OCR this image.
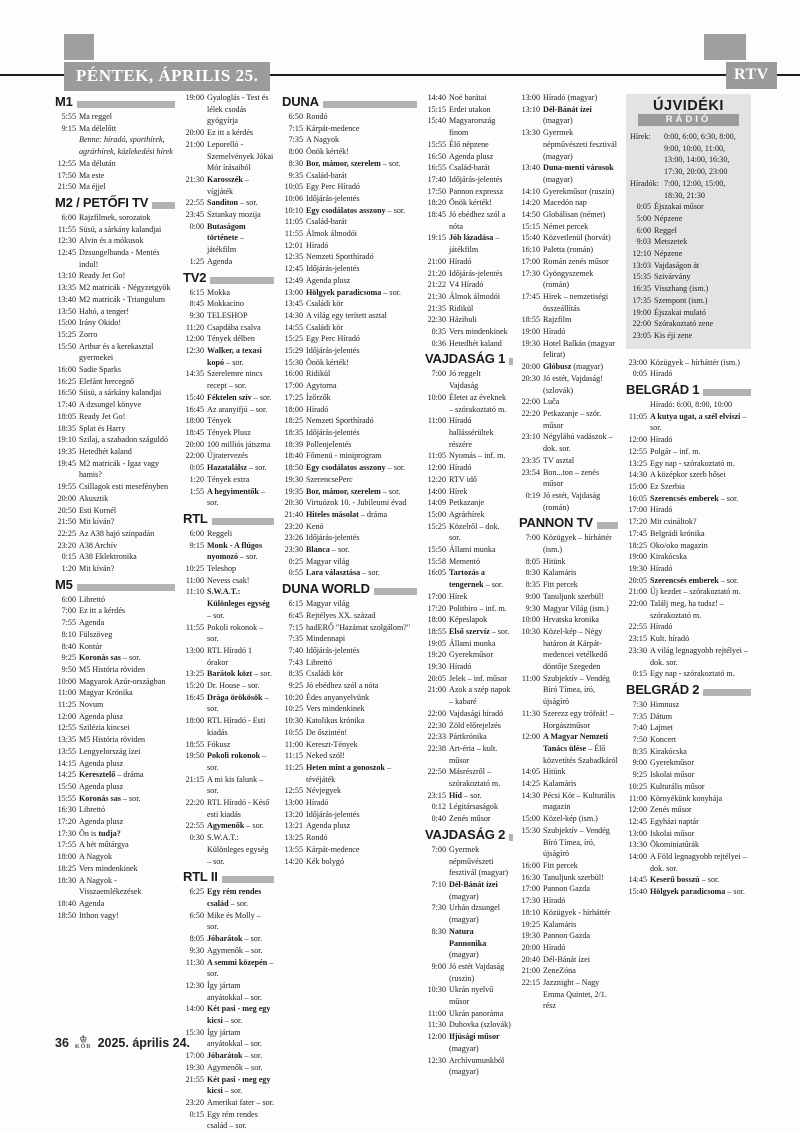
PÉNTEK, ÁPRILIS 25.	RTV
M1
5:55 Ma reggel
9:15 Ma délelőtt
Benne: híradó, sporthírek, agrárhírek, közlekedési hírek
12:55 Ma délután
17:50 Ma este
21:50 Ma éjjel
M2 / PETŐFI TV
6:00 Rajzfilmek, sorozatok
11:55 Süsü, a sárkány kalandjai
12:30 Alvin és a mókusok
12:45 Dzsungelbanda - Mentés indul!
13:10 Ready Jet Go!
13:35 M2 matricák - Négyzetgyök
13:40 M2 matricák - Triangulum
13:50 Hahó, a tenger!
15:00 Irány Okido!
15:25 Zorro
15:50 Arthur és a kerekasztal gyermekei
16:00 Sadie Sparks
16:25 Elefánt hercegnő
16:50 Süsü, a sárkány kalandjai
17:40 A dzsungel könyve
18:05 Ready Jet Go!
18:35 Splat és Harry
19:10 Szilaj, a szabadon száguldó
19:35 Hetedhét kaland
19:45 M2 matricák - Igaz vagy hamis?
19:55 Csillagok esti mesefényben
20:00 Akusztik
20:50 Esti Kornél
21:50 Mit kíván?
22:25 Az A38 hajó színpadán
23:20 A38 Archív
0:15 A38 Eklektronika
1:20 Mit kíván?
M5
6:00 Librettó
7:00 Ez itt a kérdés
7:55 Agenda
8:10 Fülszöveg
8:40 Kontúr
9:25 Koronás sas – sor.
9:50 M5 História röviden
10:00 Magyarok Azúr-országban
11:00 Magyar Krónika
11:25 Novum
12:00 Agenda plusz
12:55 Szilézia kincsei
13:35 M5 História röviden
13:55 Lengyelország ízei
14:15 Agenda plusz
14:25 Keresztelő – dráma
15:50 Agenda plusz
15:55 Koronás sas – sor.
16:30 Librettó
17:20 Agenda plusz
17:30 Ön is tudja?
17:55 A hét műtárgya
18:00 A Nagyok
18:25 Vers mindenkinek
18:30 A Nagyok - Visszaemlékezések
18:40 Agenda
18:50 Itthon vagy!
19:00 Gyaloglás - Test és lélek csodás gyógyírja
20:00 Ez itt a kérdés
21:00 Leporelló - Szemelvények Jókai Mór írásaiból
21:30 Karosszék – vígjáték
22:55 Sanditon – sor.
23:45 Sztankay mozija
0:00 Butaságom története – játékfilm
1:25 Agenda
TV2
6:15 Mokka
8:45 Mokkacino
9:30 TELESHOP
11:20 Csapdába csalva
12:00 Tények délben
12:30 Walker, a texasi kopó – sor.
14:35 Szerelemre nincs recept – sor.
15:40 Féktelen szív – sor.
16:45 Az aranyifjú – sor.
18:00 Tények
18:45 Tények Plusz
20:00 100 milliós játszma
22:00 Újratervezés
0:05 Hazatalálsz – sor.
1:20 Tények extra
1:55 A hegyimentők – sor.
RTL
6:00 Reggeli
9:15 Monk - A flúgos nyomozó – sor.
10:25 Teleshop
11:00 Nevess csak!
11:10 S.W.A.T.: Különleges egység – sor.
11:55 Pokoli rokonok – sor.
13:00 RTL Híradó 1 órakor
13:25 Barátok közt – sor.
15:20 Dr. House – sor.
16:45 Drága örökösök – sor.
18:00 RTL Híradó - Esti kiadás
18:55 Fókusz
19:50 Pokoli rokonok – sor.
21:15 A mi kis falunk – sor.
22:20 RTL Híradó - Késő esti kiadás
22:55 Agymenők – sor.
0:30 S.W.A.T.: Különleges egység – sor.
RTL II
6:25 Egy rém rendes család – sor.
6:50 Mike és Molly – sor.
8:05 Jóbarátok – sor.
9:30 Agymenők – sor.
11:30 A semmi közepén – sor.
12:30 Így jártam anyátokkal – sor.
14:00 Két pasi - meg egy kicsi – sor.
15:30 Így jártam anyátokkal – sor.
17:00 Jóbarátok – sor.
19:30 Agymenők – sor.
21:55 Két pasi - meg egy kicsi – sor.
23:20 Amerikai fater – sor.
0:15 Egy rém rendes család – sor.
DUNA
6:50 Rondó
7:15 Kárpát-medence
7:35 A Nagyok
8:00 Önök kérték!
8:30 Bor, mámor, szerelem – sor.
9:35 Család-barát
10:05 Egy Perc Híradó
10:06 Időjárás-jelentés
10:10 Egy csodálatos asszony – sor.
11:05 Család-barát
11:55 Álmok álmodói
12:01 Híradó
12:35 Nemzeti Sporthíradó
12:45 Időjárás-jelentés
12:49 Agenda plusz
13:00 Hölgyek paradicsoma – sor.
13:45 Családi kör
14:30 A világ egy terített asztal
14:55 Családi kör
15:25 Egy Perc Híradó
15:29 Időjárás-jelentés
15:30 Önök kérték!
16:00 Ridikül
17:00 Agytorna
17:25 Ízőrzők
18:00 Híradó
18:25 Nemzeti Sporthíradó
18:35 Időjárás-jelentés
18:39 Pollenjelentés
18:40 Főmenü - miniprogram
18:50 Egy csodálatos asszony – sor.
19:30 SzerencsePerc
19:35 Bor, mámor, szerelem – sor.
20:30 Virtuózok 10. - Jubileumi évad
21:40 Hiteles másolat – dráma
23:20 Kenó
23:26 Időjárás-jelentés
23:30 Blanca – sor.
0:25 Magyar világ
0:55 Lara választása – sor.
DUNA WORLD
6:15 Magyar világ
6:45 Rejtélyes XX. század
7:15 hadERŐ "Hazámat szolgálom?"
7:35 Mindennapi
7:40 Időjárás-jelentés
7:43 Librettó
8:35 Családi kör
9:25 Jó ebédhez szól a nóta
10:20 Édes anyanyelvünk
10:25 Vers mindenkinek
10:30 Katolikus krónika
10:55 De őszintén!
11:00 Kereszt-Tények
11:15 Neked szól!
11:25 Heten mint a gonoszok – tévéjáték
12:55 Névjegyek
13:00 Híradó
13:20 Időjárás-jelentés
13:21 Agenda plusz
13:25 Rondó
13:55 Kárpát-medence
14:20 Kék bolygó
14:40 Noé barátai
15:15 Erdei utakon
15:40 Magyarország finom
15:55 Élő népzene
16:50 Agenda plusz
16:55 Család-barát
17:40 Időjárás-jelentés
17:50 Pannon expressz
18:20 Önök kérték!
18:45 Jó ebédhez szól a nóta
19:15 Jób lázadása – játékfilm
21:00 Híradó
21:20 Időjárás-jelentés
21:22 V4 Híradó
21:30 Álmok álmodói
21:35 Ridikül
22:30 Házibuli
0:35 Vers mindenkinek
0:36 Hetedhét kaland
VAJDASÁG 1
7:00 Jó reggelt Vajdaság
10:00 Életet az éveknek – szórakoztató m.
11:00 Híradó hallássérültek részére
11:05 Nyomás – inf. m.
12:00 Híradó
12:20 RTV idő
14:00 Hírek
14:09 Petkazanje
15:00 Agrárhírek
15:25 Közelről – dok. sor.
15:50 Állami munka
15:58 Mementó
16:05 Tartozás a tengernek – sor.
17:00 Hírek
17:20 Politbiro – inf. m.
18:00 Képeslapok
18:55 Első szervíz – sor.
19:05 Állami munka
19:20 Gyerekműsor
19:30 Híradó
20:05 Jelek – inf. műsor
21:00 Azok a szép napok – kabaré
22:00 Vajdasági híradó
22:30 Zöld előrejelzés
22:33 Pártkrónika
22:38 Art-éria – kult. műsor
22:50 Másrészről – szórakoztató m.
23:15 Híd – sor.
0:12 Légitársaságok
0:40 Zenés műsor
VAJDASÁG 2
7:00 Gyermek népművészeti fesztivál (magyar)
7:10 Dél-Bánát ízei (magyar)
7:30 Urbán dzsungel (magyar)
8:30 Natura Pannonika (magyar)
9:00 Jó estét Vajdaság (ruszin)
10:30 Ukrán nyelvű műsor
11:00 Ukrán panoráma
11:30 Duhovka (szlovák)
12:00 Ifjúsági műsor (magyar)
12:30 Archívumunkból (magyar)
13:00 Híradó (magyar)
13:10 Dél-Bánát ízei (magyar)
13:30 Gyermek népművészeti fesztivál (magyar)
13:40 Duna-menti városok (magyar)
14:10 Gyerekműsor (ruszin)
14:20 Macedón nap
14:50 Globálisan (német)
15:15 Német percek
15:40 Közvetlenül (horvát)
16:10 Paletta (román)
17:00 Román zenés műsor
17:30 Gyöngyszemek (román)
17:45 Hírek – nemzetiségi összeállítás
18:55 Rajzfilm
19:00 Híradó
19:30 Hotel Balkán (magyar felirat)
20:00 Glóbusz (magyar)
20:30 Jó estét, Vajdaság! (szlovák)
22:00 Luča
22:20 Petkazanje – szór. műsor
23:10 Négylábú vadászok – dok. sor.
23:35 TV asztal
23:54 Bon...ton – zenés műsor
0:19 Jó estét, Vajdaság (román)
PANNON TV
7:00 Közügyek – hírháttér (ism.)
8:05 Hitünk
8:30 Kalamáris
8:35 Fitt percek
9:00 Tanuljunk szerbül!
9:30 Magyar Világ (ism.)
10:00 Hrvatska kronika
10:30 Közel-kép – Négy határon át Kárpát-medencei vetélkedő döntője Szegeden
11:00 Szubjektív – Vendég Bíró Tímea, író, újságíró
11:30 Szerezz egy trófeát! – Horgászműsor
12:00 A Magyar Nemzeti Tanács ülése – Élő közvetítés Szabadkáról
14:05 Hitünk
14:25 Kalamáris
14:30 Pécsi Kör – Kulturális magazin
15:00 Közel-kép (ism.)
15:30 Szubjektív – Vendég Bíró Tímea, író, újságíró
16:00 Fitt percek
16:30 Tanuljunk szerbül!
17:00 Pannon Gazda
17:30 Híradó
18:10 Közügyek - hírháttér
19:25 Kalamáris
19:30 Pannon Gazda
20:00 Híradó
20:40 Dél-Bánát ízei
21:00 ZeneZóna
22:15 Jazznight – Nagy Emma Quintet, 2/1. rész
ÚJVIDÉKI
RÁDIÓ
Hírek:	0:00, 6:00, 6:30, 8:00, 9:00, 10:00, 11:00, 13:00, 14:00, 16:30, 17:30, 20:00, 23:00
Híradók: 7:00, 12:00, 15:00, 18:30, 21:30
0:05 Éjszakai műsor
5:00 Népzene
6:00 Reggel
9:03 Metszetek
12:10 Népzene
13:03 Vajdaságon át
15:35 Szivárvány
16:35 Visszhang (ism.)
17:35 Szempont (ism.)
19:00 Éjszakai mulató
22:00 Szórakoztató zene
23:05 Kis éji zene
23:00 Közügyek – hírháttér (ism.)
0:05 Híradó
BELGRÁD 1
Híradó: 6:00, 8:00, 10:00
11:05 A kutya ugat, a szél elviszi – sor.
12:00 Híradó
12:55 Polgár – inf. m.
13:25 Egy nap - szórakoztató m.
14:30 A középkor szerb hősei
15:00 Ez Szerbia
16:05 Szerencsés emberek – sor.
17:00 Híradó
17:20 Mit csináltok?
17:45 Belgrádi krónika
18:25 Oko/oko magazin
19:00 Kirakócska
19:30 Híradó
20:05 Szerencsés emberek – sor.
21:00 Új kezdet – szórakoztató m.
22:00 Találj meg, ha tudsz! – szórakoztató m.
22:55 Híradó
23:15 Kult. híradó
23:30 A világ legnagyobb rejtélyei – dok. sor.
0:15 Egy nap - szórakoztató m.
BELGRÁD 2
7:30 Himnusz
7:35 Dátum
7:40 Lajmet
7:50 Koncert
8:35 Kirakócska
9:00 Gyerekműsor
9:25 Iskolai műsor
10:25 Kulturális műsor
11:00 Környékünk konyhája
12:00 Zenés műsor
12:45 Egyházi naptár
13:00 Iskolai műsor
13:30 Ökominiatűrák
14:00 A Föld legnagyobb rejtélyei – dok. sor.
14:45 Keserű bosszú – sor.
15:40 Hölgyek paradicsoma – sor.
36 ♔
KÖR 2025. április 24.
